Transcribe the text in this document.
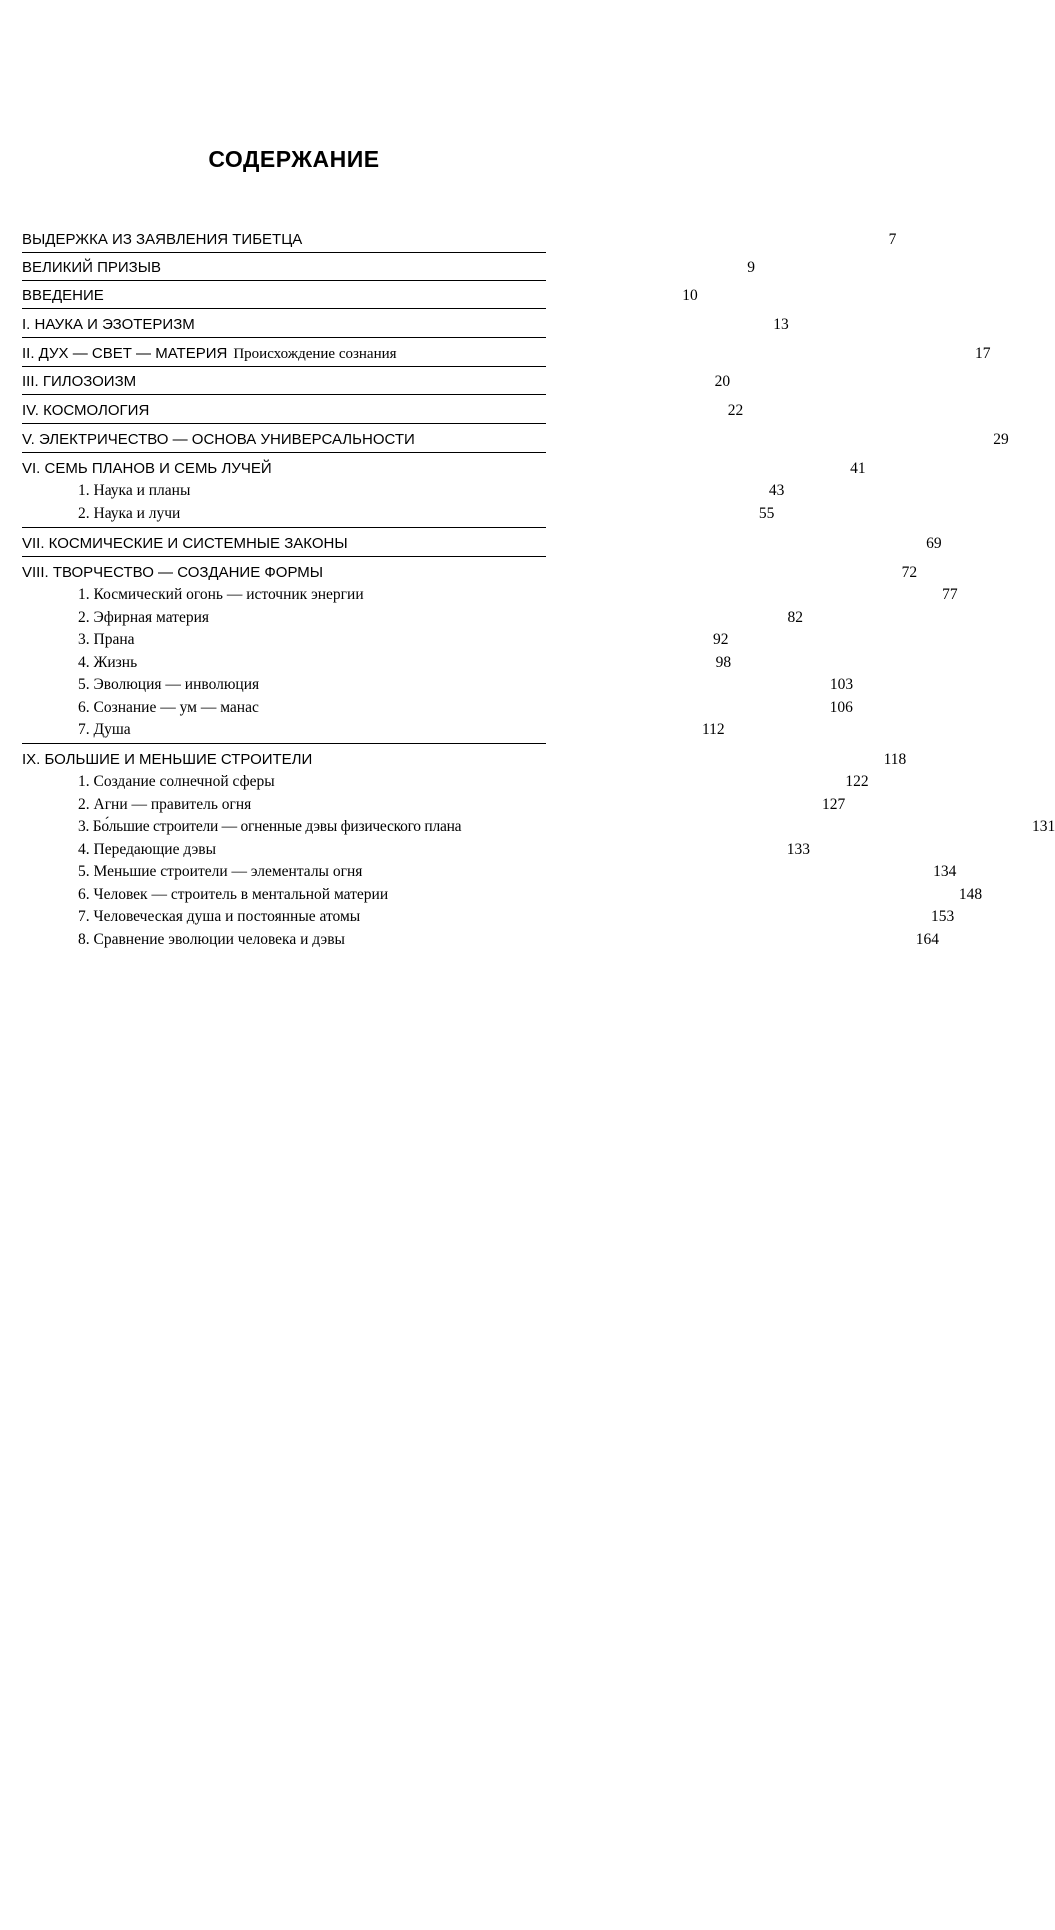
СОДЕРЖАНИЕ
ВЫДЕРЖКА ИЗ ЗАЯВЛЕНИЯ ТИБЕТЦА	7
ВЕЛИКИЙ ПРИЗЫВ	9
ВВЕДЕНИЕ	10
I. НАУКА И ЭЗОТЕРИЗМ	13
II. ДУХ — СВЕТ — МАТЕРИЯ Происхождение сознания	17
III. ГИЛОЗОИЗМ	20
IV. КОСМОЛОГИЯ	22
V. ЭЛЕКТРИЧЕСТВО — ОСНОВА УНИВЕРСАЛЬНОСТИ	29
VI. СЕМЬ ПЛАНОВ И СЕМЬ ЛУЧЕЙ	41
1. Наука и планы	43
2. Наука и лучи	55
VII. КОСМИЧЕСКИЕ И СИСТЕМНЫЕ ЗАКОНЫ	69
VIII. ТВОРЧЕСТВО — СОЗДАНИЕ ФОРМЫ	72
1. Космический огонь — источник энергии	77
2. Эфирная материя	82
3. Прана	92
4. Жизнь	98
5. Эволюция — инволюция	103
6. Сознание — ум — манас	106
7. Душа	112
IX. БОЛЬШИЕ И МЕНЬШИЕ СТРОИТЕЛИ	118
1. Создание солнечной сферы	122
2. Агни — правитель огня	127
3. Бо́льшие строители — огненные дэвы физического плана	131
4. Передающие дэвы	133
5. Меньшие строители — элементалы огня	134
6. Человек — строитель в ментальной материи	148
7. Человеческая душа и постоянные атомы	153
8. Сравнение эволюции человека и дэвы	164
